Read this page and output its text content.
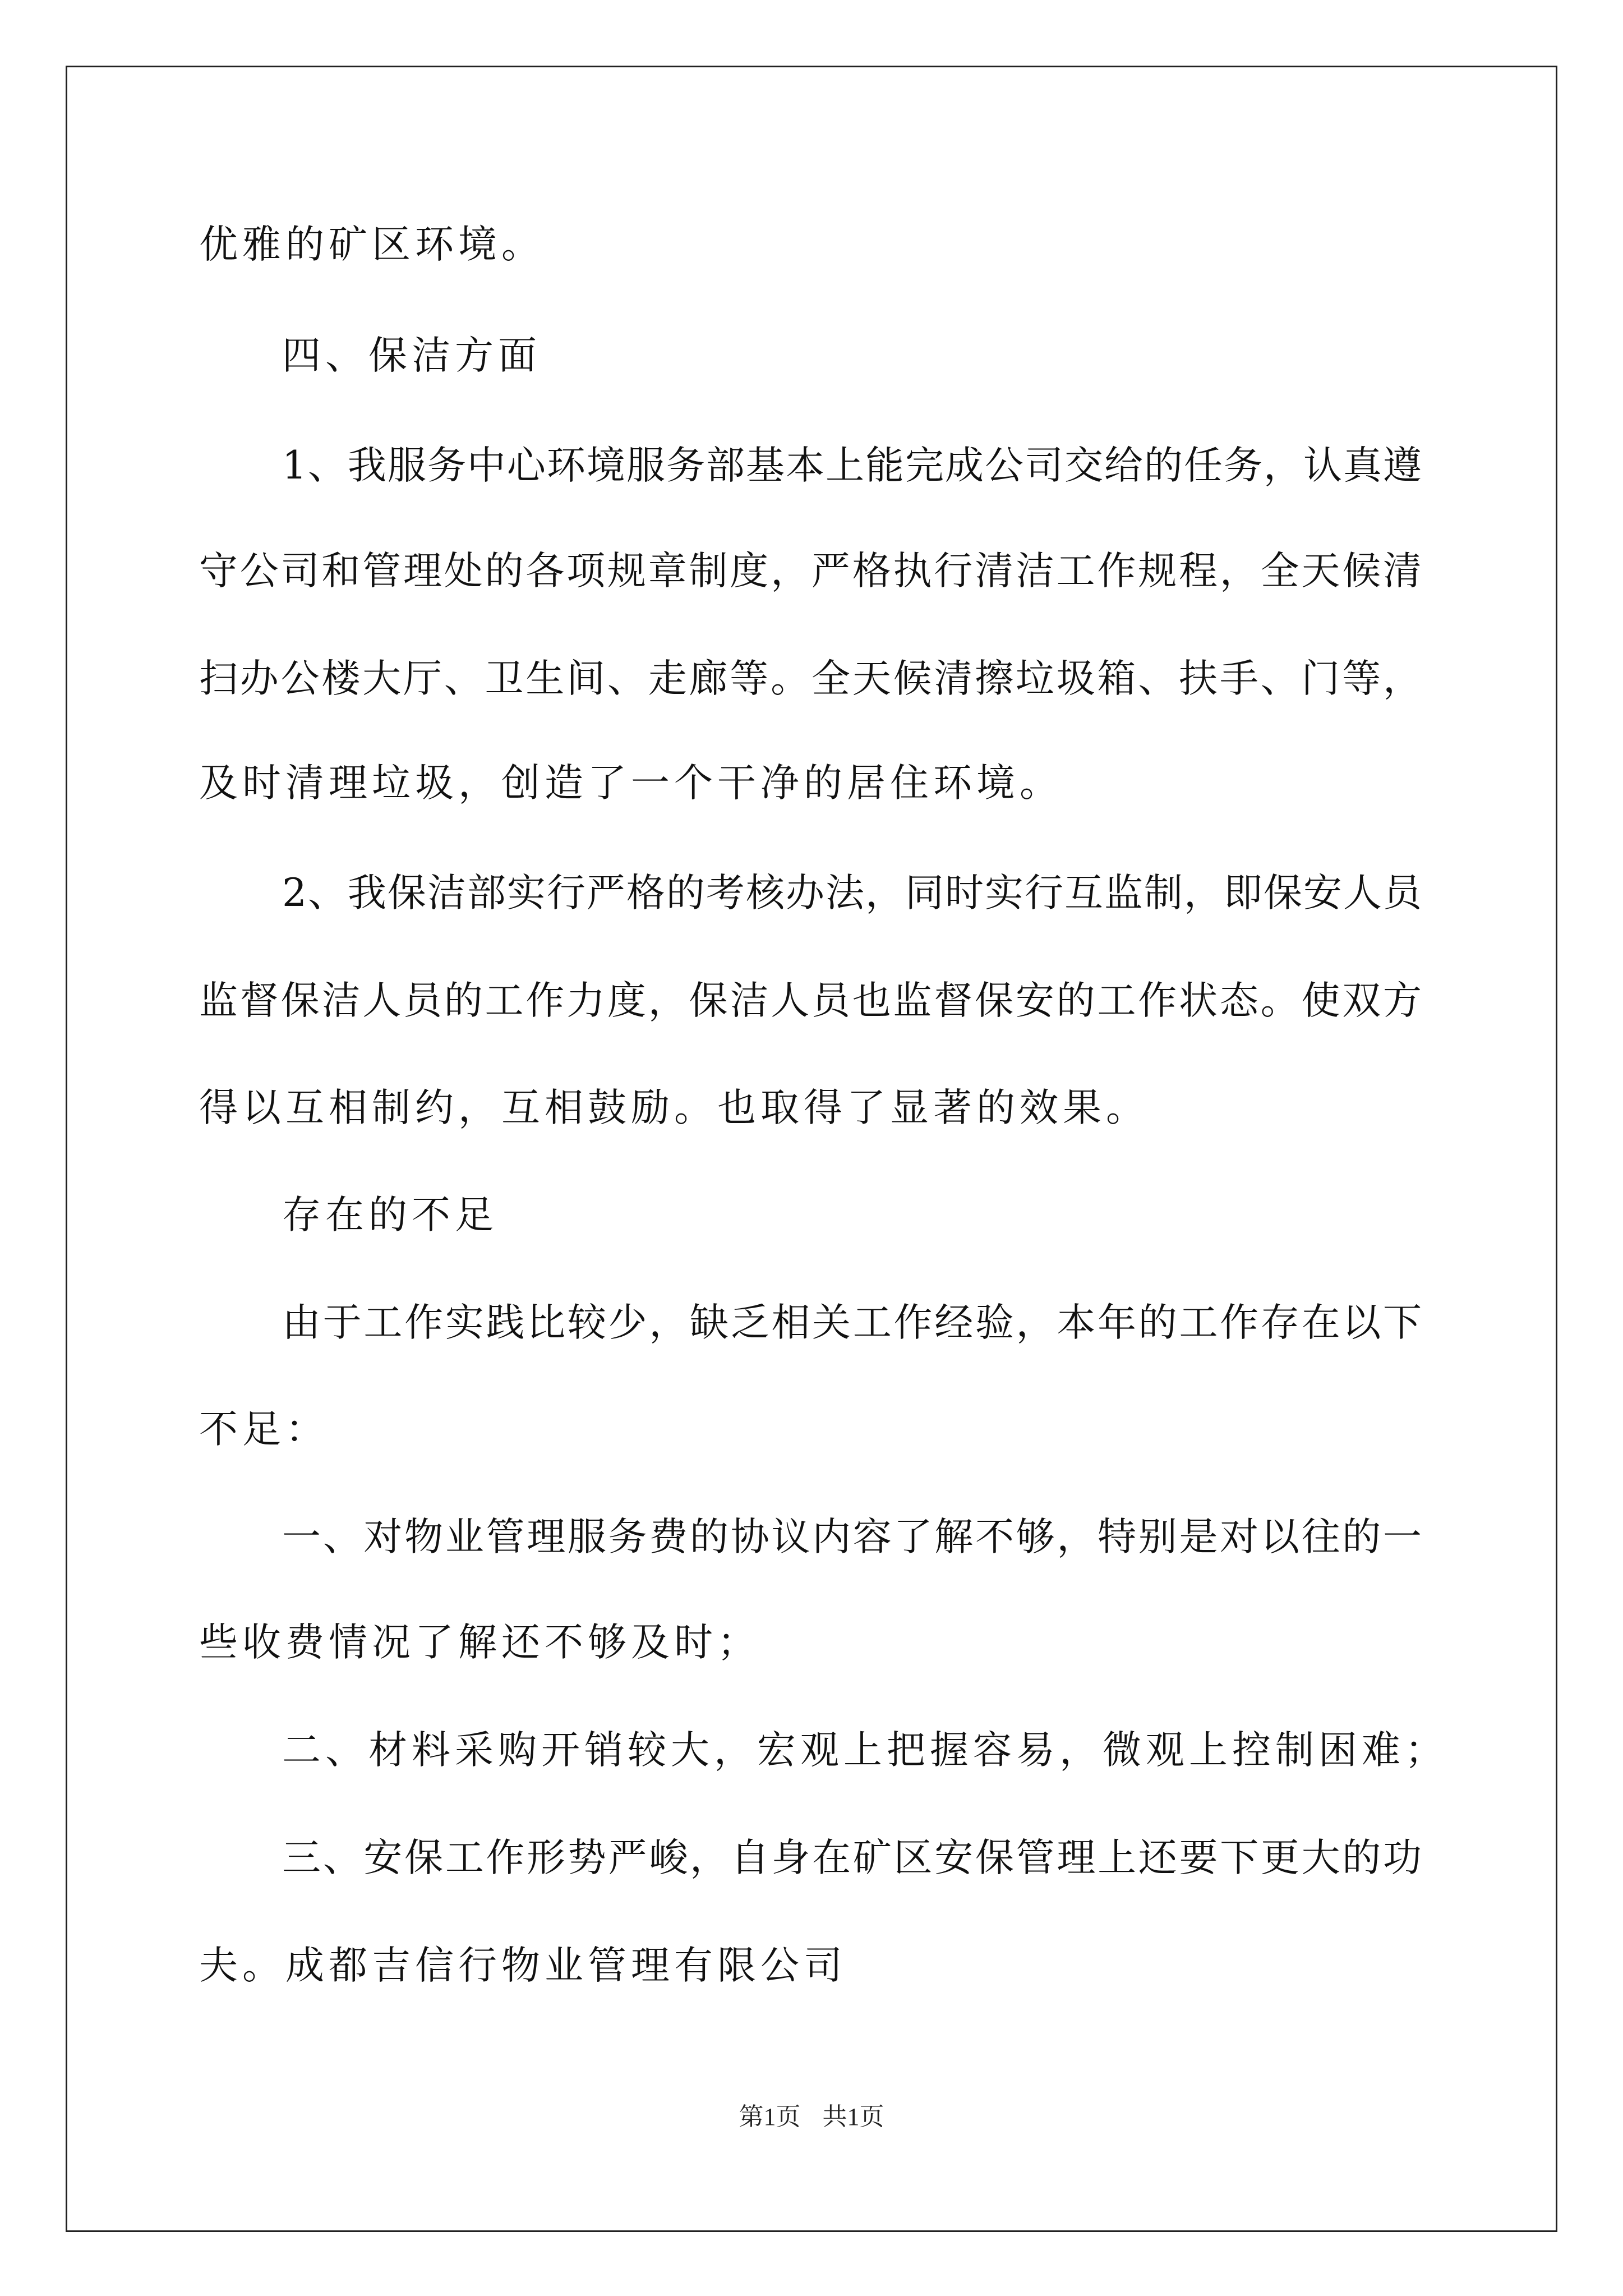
优雅的矿区环境。
四、保洁方面
1、我服务中心环境服务部基本上能完成公司交给的任务，认真遵
守公司和管理处的各项规章制度，严格执行清洁工作规程，全天候清
扫办公楼大厅、卫生间、走廊等。全天候清擦垃圾箱、扶手、门等，
及时清理垃圾，创造了一个干净的居住环境。
2、我保洁部实行严格的考核办法，同时实行互监制，即保安人员
监督保洁人员的工作力度，保洁人员也监督保安的工作状态。使双方
得以互相制约，互相鼓励。也取得了显著的效果。
存在的不足
由于工作实践比较少，缺乏相关工作经验，本年的工作存在以下
不足：
一、对物业管理服务费的协议内容了解不够，特别是对以往的一
些收费情况了解还不够及时；
二、材料采购开销较大，宏观上把握容易，微观上控制困难；
三、安保工作形势严峻，自身在矿区安保管理上还要下更大的功
夫。成都吉信行物业管理有限公司
第1页 共1页
